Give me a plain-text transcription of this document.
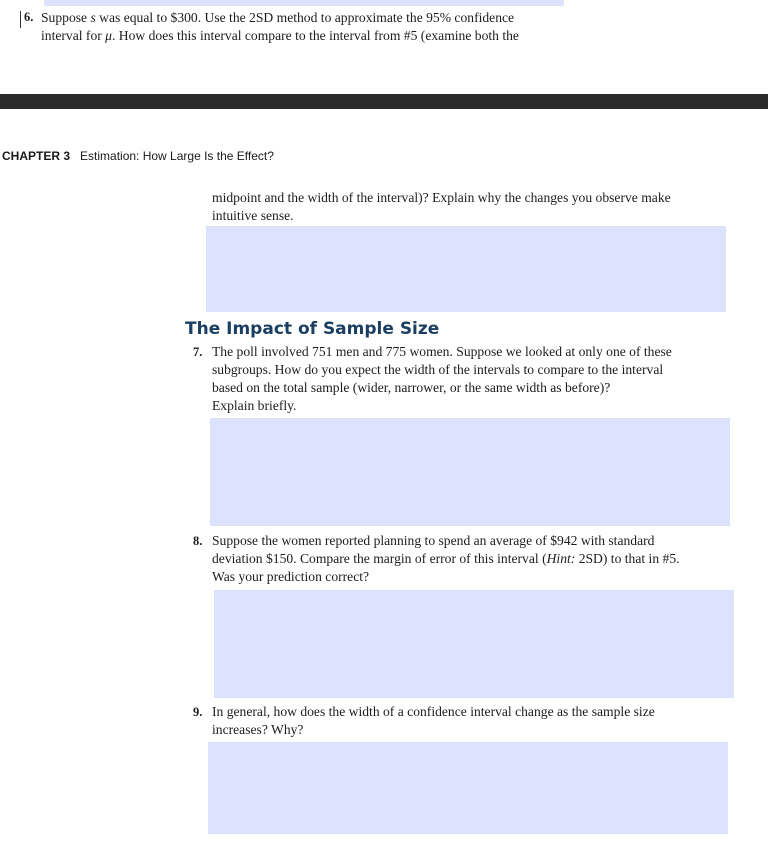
6. Suppose s was equal to $300. Use the 2SD method to approximate the 95% confidence
interval for μ. How does this interval compare to the interval from #5 (examine both the
CHAPTER 3 Estimation: How Large Is the Effect?
midpoint and the width of the interval)? Explain why the changes you observe make
intuitive sense.
The Impact of Sample Size
7. The poll involved 751 men and 775 women. Suppose we looked at only one of these
subgroups. How do you expect the width of the intervals to compare to the interval
based on the total sample (wider, narrower, or the same width as before)?
Explain briefly.
8. Suppose the women reported planning to spend an average of $942 with standard
deviation $150. Compare the margin of error of this interval (Hint: 2SD) to that in #5.
Was your prediction correct?
9. In general, how does the width of a confidence interval change as the sample size
increases? Why?
